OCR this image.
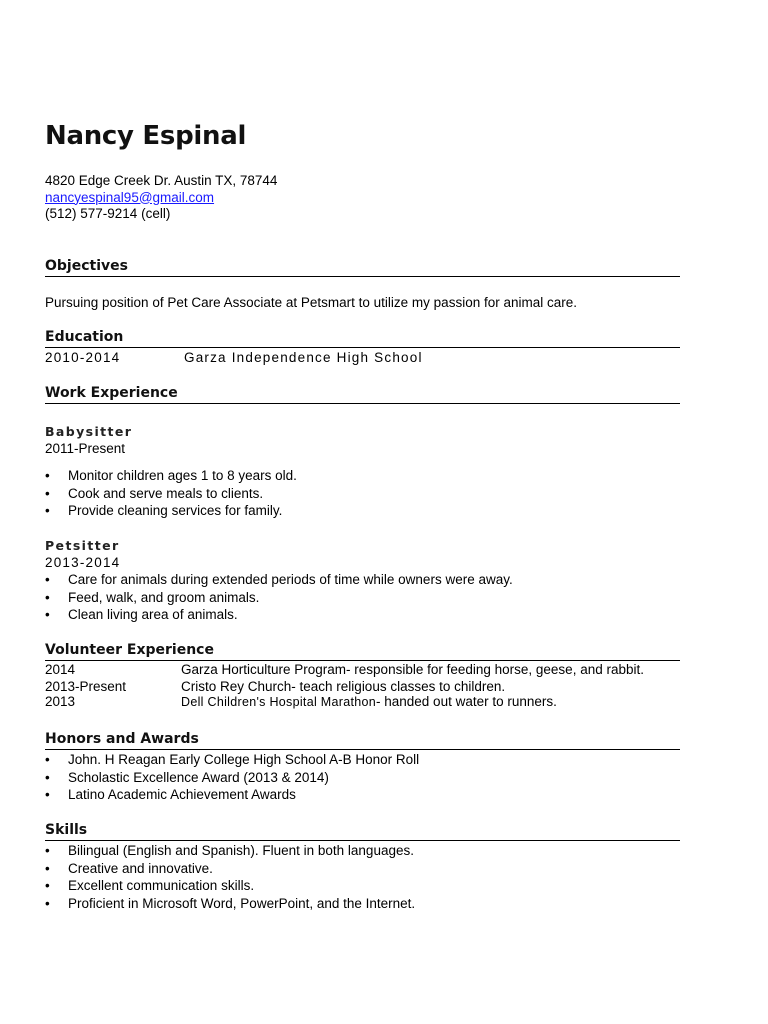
Nancy Espinal
4820 Edge Creek Dr. Austin TX, 78744
nancyespinal95@gmail.com
(512) 577-9214 (cell)
Objectives
Pursuing position of Pet Care Associate at Petsmart to utilize my passion for animal care.
Education
2010-2014	Garza Independence High School
Work Experience
Babysitter
2011-Present
• Monitor children ages 1 to 8 years old.
• Cook and serve meals to clients.
• Provide cleaning services for family.
Petsitter
2013-2014
• Care for animals during extended periods of time while owners were away.
• Feed, walk, and groom animals.
• Clean living area of animals.
Volunteer Experience
2014	Garza Horticulture Program- responsible for feeding horse, geese, and rabbit.
2013-Present	Cristo Rey Church- teach religious classes to children.
2013	Dell Children's Hospital Marathon- handed out water to runners.
Honors and Awards
• John. H Reagan Early College High School A-B Honor Roll
• Scholastic Excellence Award (2013 & 2014)
• Latino Academic Achievement Awards
Skills
• Bilingual (English and Spanish). Fluent in both languages.
• Creative and innovative.
• Excellent communication skills.
• Proficient in Microsoft Word, PowerPoint, and the Internet.
